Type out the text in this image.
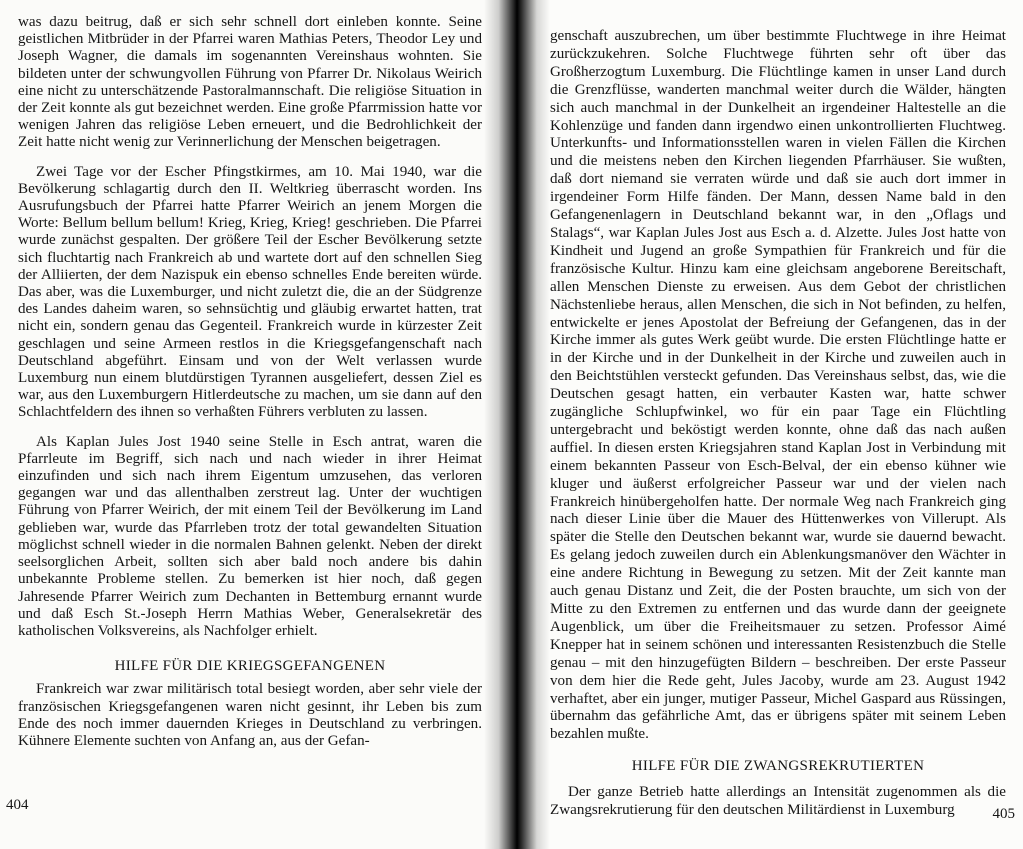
was dazu beitrug, daß er sich sehr schnell dort einleben konnte. Seine geistlichen Mitbrüder in der Pfarrei waren Mathias Peters, Theodor Ley und Joseph Wagner, die damals im sogenannten Vereinshaus wohnten. Sie bildeten unter der schwungvollen Führung von Pfarrer Dr. Nikolaus Weirich eine nicht zu unterschätzende Pastoralmannschaft. Die religiöse Situation in der Zeit konnte als gut bezeichnet werden. Eine große Pfarrmission hatte vor wenigen Jahren das religiöse Leben erneuert, und die Bedrohlichkeit der Zeit hatte nicht wenig zur Verinnerlichung der Menschen beigetragen.

Zwei Tage vor der Escher Pfingstkirmes, am 10. Mai 1940, war die Bevölkerung schlagartig durch den II. Weltkrieg überrascht worden. Ins Ausrufungsbuch der Pfarrei hatte Pfarrer Weirich an jenem Morgen die Worte: Bellum bellum bellum! Krieg, Krieg, Krieg! geschrieben. Die Pfarrei wurde zunächst gespalten. Der größere Teil der Escher Bevölkerung setzte sich fluchtartig nach Frankreich ab und wartete dort auf den schnellen Sieg der Alliierten, der dem Nazispuk ein ebenso schnelles Ende bereiten würde. Das aber, was die Luxemburger, und nicht zuletzt die, die an der Südgrenze des Landes daheim waren, so sehnsüchtig und gläubig erwartet hatten, trat nicht ein, sondern genau das Gegenteil. Frankreich wurde in kürzester Zeit geschlagen und seine Armeen restlos in die Kriegsgefangenschaft nach Deutschland abgeführt. Einsam und von der Welt verlassen wurde Luxemburg nun einem blutdürstigen Tyrannen ausgeliefert, dessen Ziel es war, aus den Luxemburgern Hitlerdeutsche zu machen, um sie dann auf den Schlachtfeldern des ihnen so verhaßten Führers verbluten zu lassen.

Als Kaplan Jules Jost 1940 seine Stelle in Esch antrat, waren die Pfarrleute im Begriff, sich nach und nach wieder in ihrer Heimat einzufinden und sich nach ihrem Eigentum umzusehen, das verloren gegangen war und das allenthalben zerstreut lag. Unter der wuchtigen Führung von Pfarrer Weirich, der mit einem Teil der Bevölkerung im Land geblieben war, wurde das Pfarrleben trotz der total gewandelten Situation möglichst schnell wieder in die normalen Bahnen gelenkt. Neben der direkt seelsorglichen Arbeit, sollten sich aber bald noch andere bis dahin unbekannte Probleme stellen. Zu bemerken ist hier noch, daß gegen Jahresende Pfarrer Weirich zum Dechanten in Bettemburg ernannt wurde und daß Esch St.-Joseph Herrn Mathias Weber, Generalsekretär des katholischen Volksvereins, als Nachfolger erhielt.

HILFE FÜR DIE KRIEGSGEFANGENEN

Frankreich war zwar militärisch total besiegt worden, aber sehr viele der französischen Kriegsgefangenen waren nicht gesinnt, ihr Leben bis zum Ende des noch immer dauernden Krieges in Deutschland zu verbringen. Kühnere Elemente suchten von Anfang an, aus der Gefan-

404

genschaft auszubrechen, um über bestimmte Fluchtwege in ihre Heimat zurückzukehren. Solche Fluchtwege führten sehr oft über das Großherzogtum Luxemburg. Die Flüchtlinge kamen in unser Land durch die Grenzflüsse, wanderten manchmal weiter durch die Wälder, hängten sich auch manchmal in der Dunkelheit an irgendeiner Haltestelle an die Kohlenzüge und fanden dann irgendwo einen unkontrollierten Fluchtweg. Unterkunfts- und Informationsstellen waren in vielen Fällen die Kirchen und die meistens neben den Kirchen liegenden Pfarrhäuser. Sie wußten, daß dort niemand sie verraten würde und daß sie auch dort immer in irgendeiner Form Hilfe fänden. Der Mann, dessen Name bald in den Gefangenenlagern in Deutschland bekannt war, in den „Oflags und Stalags“, war Kaplan Jules Jost aus Esch a. d. Alzette. Jules Jost hatte von Kindheit und Jugend an große Sympathien für Frankreich und für die französische Kultur. Hinzu kam eine gleichsam angeborene Bereitschaft, allen Menschen Dienste zu erweisen. Aus dem Gebot der christlichen Nächstenliebe heraus, allen Menschen, die sich in Not befinden, zu helfen, entwickelte er jenes Apostolat der Befreiung der Gefangenen, das in der Kirche immer als gutes Werk geübt wurde. Die ersten Flüchtlinge hatte er in der Kirche und in der Dunkelheit in der Kirche und zuweilen auch in den Beichtstühlen versteckt gefunden. Das Vereinshaus selbst, das, wie die Deutschen gesagt hatten, ein verbauter Kasten war, hatte schwer zugängliche Schlupfwinkel, wo für ein paar Tage ein Flüchtling untergebracht und beköstigt werden konnte, ohne daß das nach außen auffiel. In diesen ersten Kriegsjahren stand Kaplan Jost in Verbindung mit einem bekannten Passeur von Esch-Belval, der ein ebenso kühner wie kluger und äußerst erfolgreicher Passeur war und der vielen nach Frankreich hinübergeholfen hatte. Der normale Weg nach Frankreich ging nach dieser Linie über die Mauer des Hüttenwerkes von Villerupt. Als später die Stelle den Deutschen bekannt war, wurde sie dauernd bewacht. Es gelang jedoch zuweilen durch ein Ablenkungsmanöver den Wächter in eine andere Richtung in Bewegung zu setzen. Mit der Zeit kannte man auch genau Distanz und Zeit, die der Posten brauchte, um sich von der Mitte zu den Extremen zu entfernen und das wurde dann der geeignete Augenblick, um über die Freiheitsmauer zu setzen. Professor Aimé Knepper hat in seinem schönen und interessanten Resistenzbuch die Stelle genau – mit den hinzugefügten Bildern – beschreiben. Der erste Passeur von dem hier die Rede geht, Jules Jacoby, wurde am 23. August 1942 verhaftet, aber ein junger, mutiger Passeur, Michel Gaspard aus Rüssingen, übernahm das gefährliche Amt, das er übrigens später mit seinem Leben bezahlen mußte.

HILFE FÜR DIE ZWANGSREKRUTIERTEN

Der ganze Betrieb hatte allerdings an Intensität zugenommen als die Zwangsrekrutierung für den deutschen Militärdienst in Luxemburg	405
